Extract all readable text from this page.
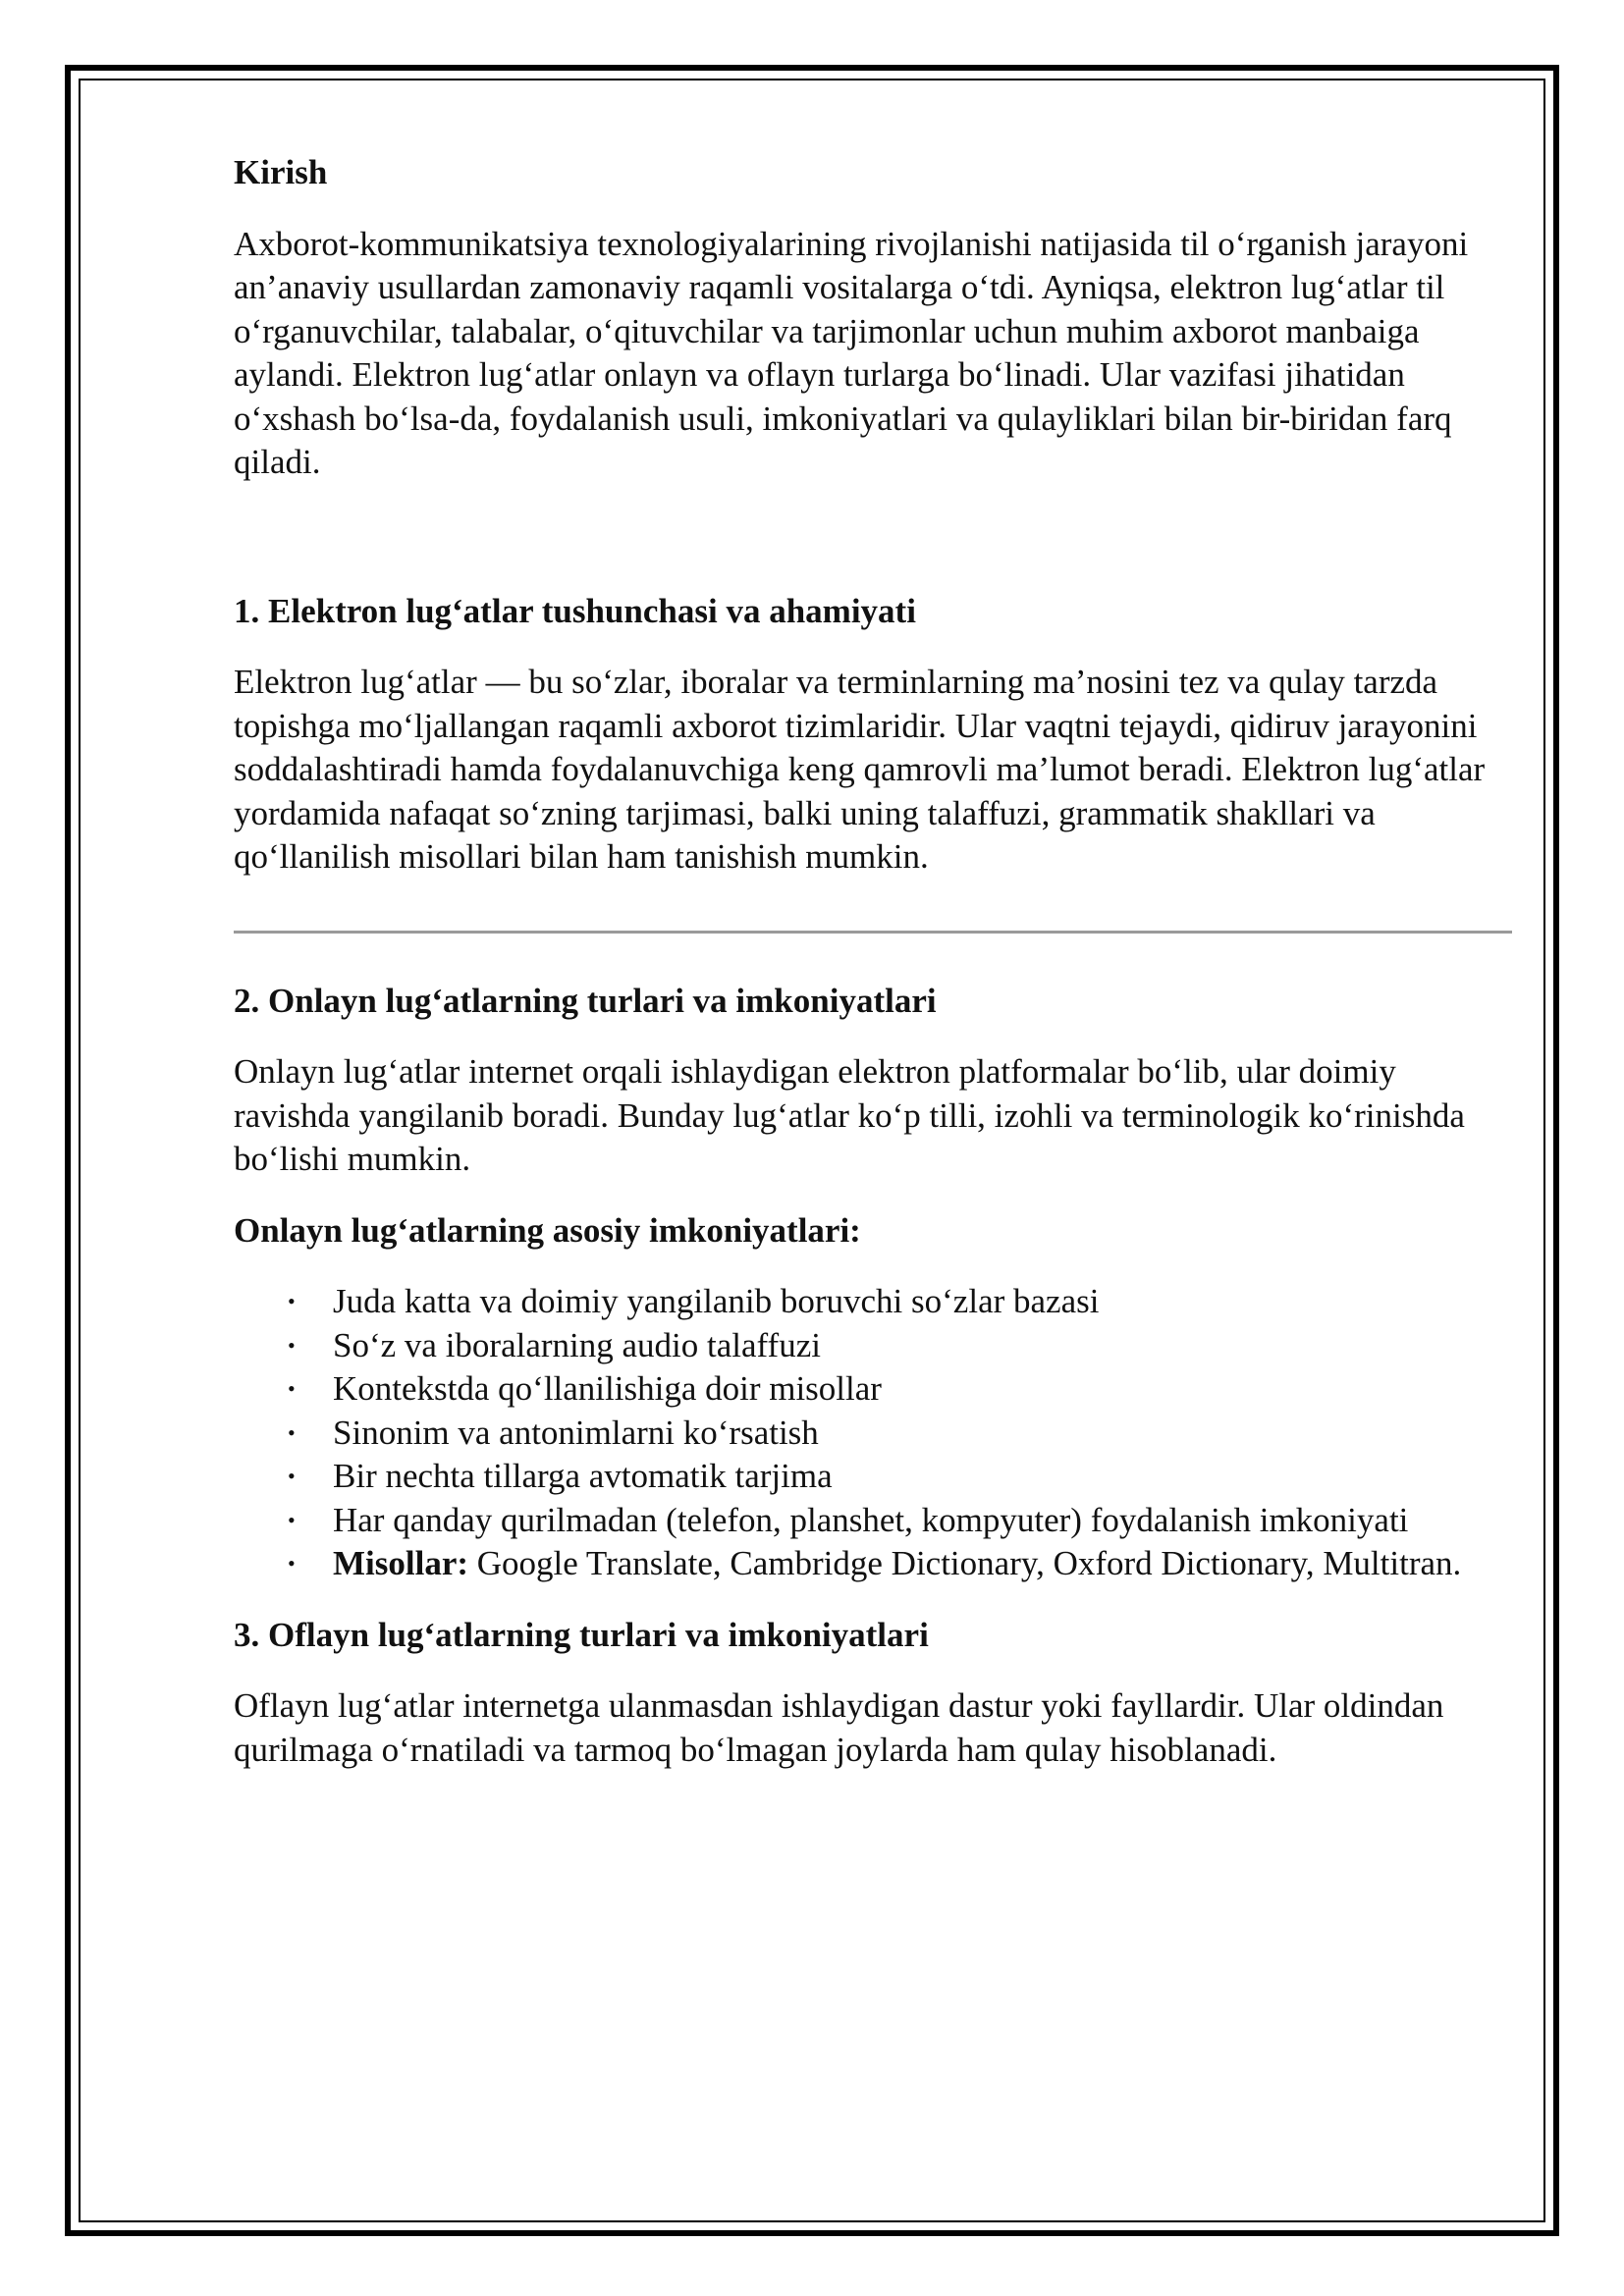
Kirish

Axborot-kommunikatsiya texnologiyalarining rivojlanishi natijasida til o‘rganish jarayoni an’anaviy usullardan zamonaviy raqamli vositalarga o‘tdi. Ayniqsa, elektron lug‘atlar til o‘rganuvchilar, talabalar, o‘qituvchilar va tarjimonlar uchun muhim axborot manbaiga aylandi. Elektron lug‘atlar onlayn va oflayn turlarga bo‘linadi. Ular vazifasi jihatidan o‘xshash bo‘lsa-da, foydalanish usuli, imkoniyatlari va qulayliklari bilan bir-biridan farq qiladi.

1. Elektron lug‘atlar tushunchasi va ahamiyati

Elektron lug‘atlar — bu so‘zlar, iboralar va terminlarning ma’nosini tez va qulay tarzda topishga mo‘ljallangan raqamli axborot tizimlaridir. Ular vaqtni tejaydi, qidiruv jarayonini soddalashtiradi hamda foydalanuvchiga keng qamrovli ma’lumot beradi. Elektron lug‘atlar yordamida nafaqat so‘zning tarjimasi, balki uning talaffuzi, grammatik shakllari va qo‘llanilish misollari bilan ham tanishish mumkin.

2. Onlayn lug‘atlarning turlari va imkoniyatlari

Onlayn lug‘atlar internet orqali ishlaydigan elektron platformalar bo‘lib, ular doimiy ravishda yangilanib boradi. Bunday lug‘atlar ko‘p tilli, izohli va terminologik ko‘rinishda bo‘lishi mumkin.

Onlayn lug‘atlarning asosiy imkoniyatlari:
• Juda katta va doimiy yangilanib boruvchi so‘zlar bazasi
• So‘z va iboralarning audio talaffuzi
• Kontekstda qo‘llanilishiga doir misollar
• Sinonim va antonimlarni ko‘rsatish
• Bir nechta tillarga avtomatik tarjima
• Har qanday qurilmadan (telefon, planshet, kompyuter) foydalanish imkoniyati
• Misollar: Google Translate, Cambridge Dictionary, Oxford Dictionary, Multitran.
3. Oflayn lug‘atlarning turlari va imkoniyatlari

Oflayn lug‘atlar internetga ulanmasdan ishlaydigan dastur yoki fayllardir. Ular oldindan qurilmaga o‘rnatiladi va tarmoq bo‘lmagan joylarda ham qulay hisoblanadi.
